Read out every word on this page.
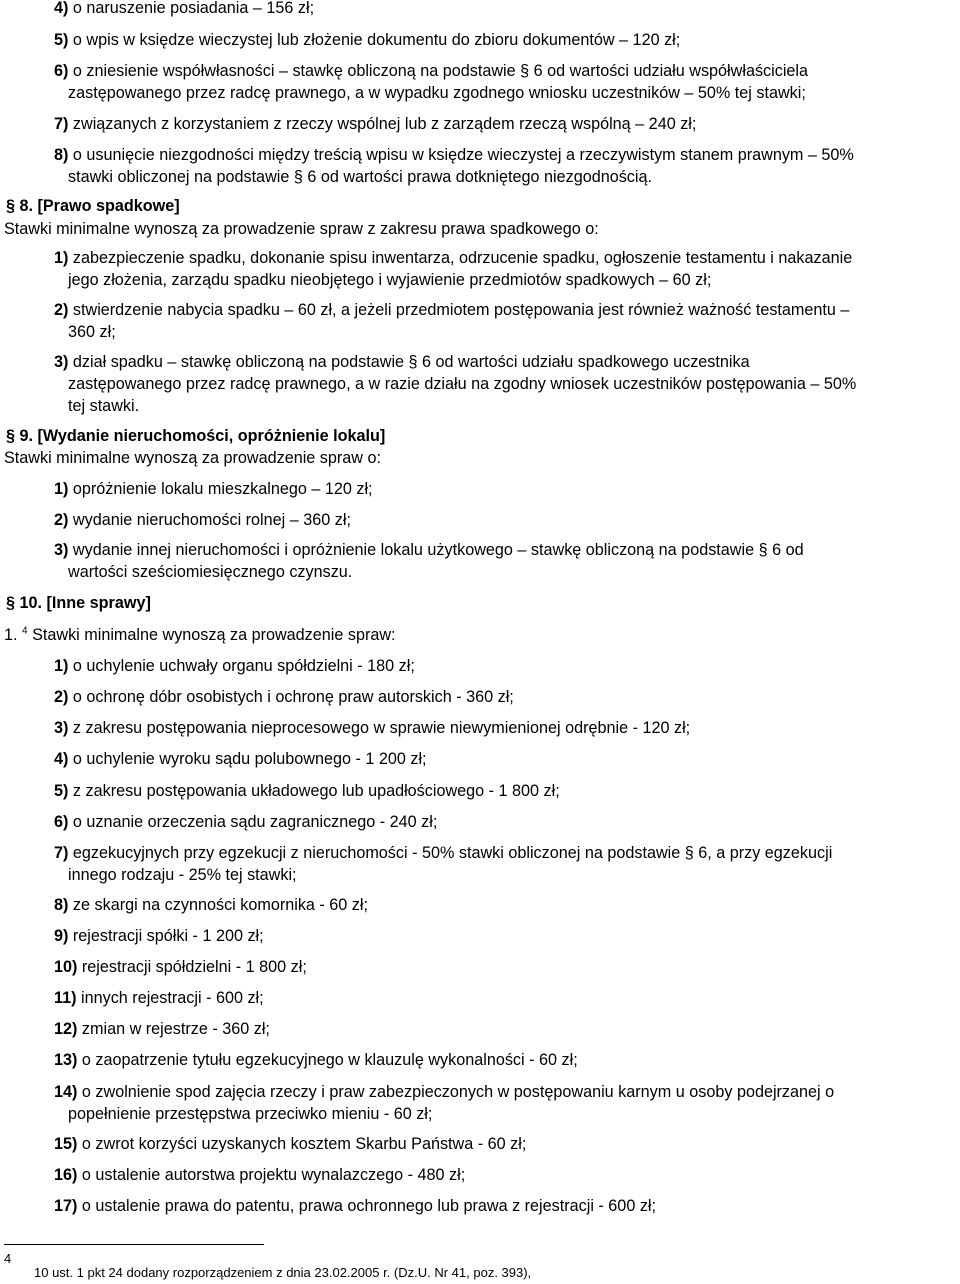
4) o naruszenie posiadania – 156 zł;
5) o wpis w księdze wieczystej lub złożenie dokumentu do zbioru dokumentów – 120 zł;
6) o zniesienie współwłasności – stawkę obliczoną na podstawie § 6 od wartości udziału współwłaściciela
zastępowanego przez radcę prawnego, a w wypadku zgodnego wniosku uczestników – 50% tej stawki;
7) związanych z korzystaniem z rzeczy wspólnej lub z zarządem rzeczą wspólną – 240 zł;
8) o usunięcie niezgodności między treścią wpisu w księdze wieczystej a rzeczywistym stanem prawnym – 50%
stawki obliczonej na podstawie § 6 od wartości prawa dotkniętego niezgodnością.
§ 8. [Prawo spadkowe]
Stawki minimalne wynoszą za prowadzenie spraw z zakresu prawa spadkowego o:
1) zabezpieczenie spadku, dokonanie spisu inwentarza, odrzucenie spadku, ogłoszenie testamentu i nakazanie
jego złożenia, zarządu spadku nieobjętego i wyjawienie przedmiotów spadkowych – 60 zł;
2) stwierdzenie nabycia spadku – 60 zł, a jeżeli przedmiotem postępowania jest również ważność testamentu –
360 zł;
3) dział spadku – stawkę obliczoną na podstawie § 6 od wartości udziału spadkowego uczestnika
zastępowanego przez radcę prawnego, a w razie działu na zgodny wniosek uczestników postępowania – 50%
tej stawki.
§ 9. [Wydanie nieruchomości, opróżnienie lokalu]
Stawki minimalne wynoszą za prowadzenie spraw o:
1) opróżnienie lokalu mieszkalnego – 120 zł;
2) wydanie nieruchomości rolnej – 360 zł;
3) wydanie innej nieruchomości i opróżnienie lokalu użytkowego – stawkę obliczoną na podstawie § 6 od
wartości sześciomiesięcznego czynszu.
§ 10. [Inne sprawy]
1. $^4$ Stawki minimalne wynoszą za prowadzenie spraw:
1) o uchylenie uchwały organu spółdzielni - 180 zł;
2) o ochronę dóbr osobistych i ochronę praw autorskich - 360 zł;
3) z zakresu postępowania nieprocesowego w sprawie niewymienionej odrębnie - 120 zł;
4) o uchylenie wyroku sądu polubownego - 1 200 zł;
5) z zakresu postępowania układowego lub upadłościowego - 1 800 zł;
6) o uznanie orzeczenia sądu zagranicznego - 240 zł;
7) egzekucyjnych przy egzekucji z nieruchomości - 50% stawki obliczonej na podstawie § 6, a przy egzekucji
innego rodzaju - 25% tej stawki;
8) ze skargi na czynności komornika - 60 zł;
9) rejestracji spółki - 1 200 zł;
10) rejestracji spółdzielni - 1 800 zł;
11) innych rejestracji - 600 zł;
12) zmian w rejestrze - 360 zł;
13) o zaopatrzenie tytułu egzekucyjnego w klauzulę wykonalności - 60 zł;
14) o zwolnienie spod zajęcia rzeczy i praw zabezpieczonych w postępowaniu karnym u osoby podejrzanej o
popełnienie przestępstwa przeciwko mieniu - 60 zł;
15) o zwrot korzyści uzyskanych kosztem Skarbu Państwa - 60 zł;
16) o ustalenie autorstwa projektu wynalazczego - 480 zł;
17) o ustalenie prawa do patentu, prawa ochronnego lub prawa z rejestracji - 600 zł;
4
10 ust. 1 pkt 24 dodany rozporządzeniem z dnia 23.02.2005 r. (Dz.U. Nr 41, poz. 393),
